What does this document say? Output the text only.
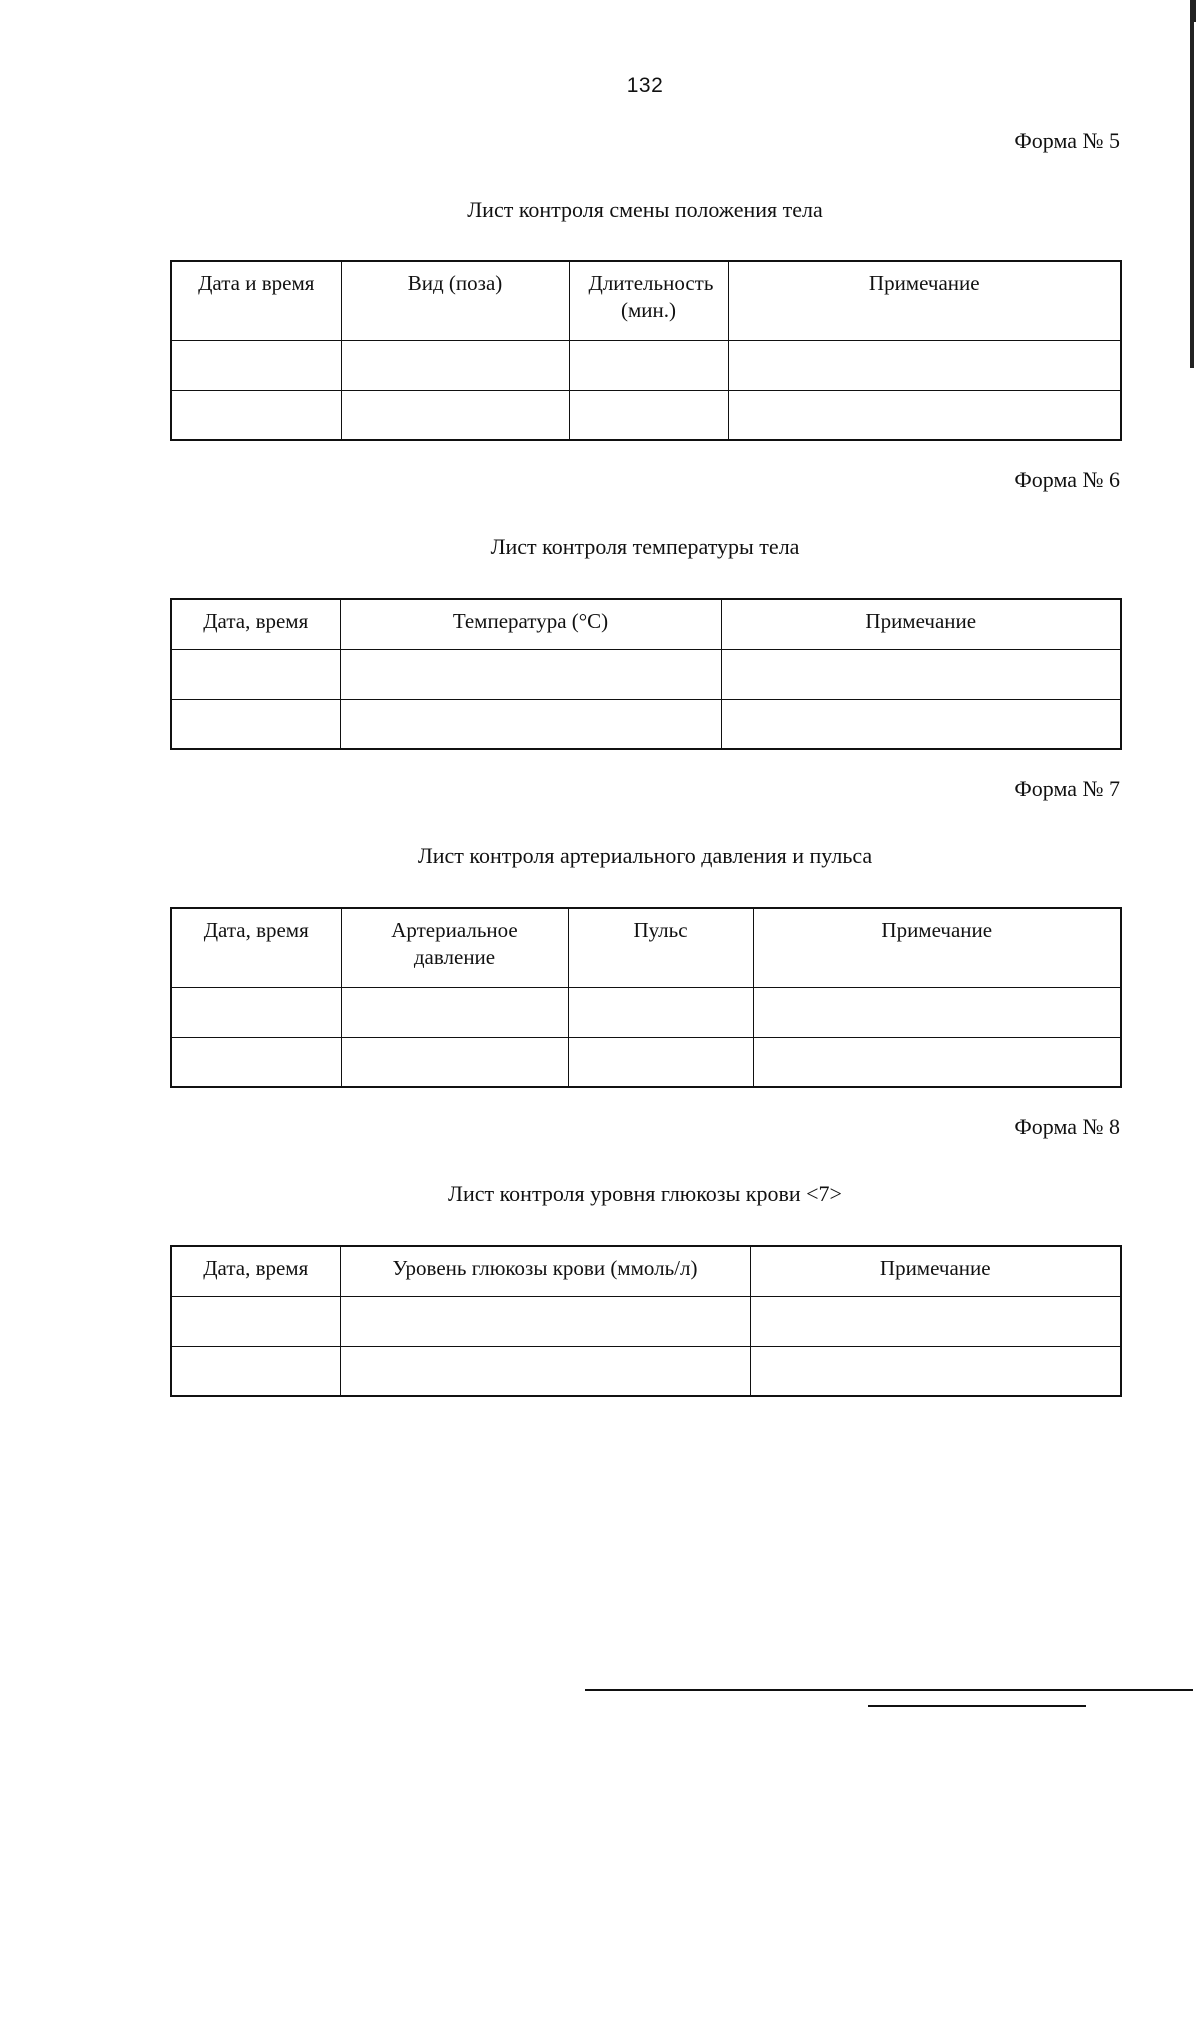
132
Форма № 5
Лист контроля смены положения тела
Дата и время	Вид (поза)	Длительность (мин.)	Примечание

Форма № 6
Лист контроля температуры тела
Дата, время	Температура (°C)	Примечание

Форма № 7
Лист контроля артериального давления и пульса
Дата, время	Артериальное давление	Пульс	Примечание

Форма № 8
Лист контроля уровня глюкозы крови <7>
Дата, время	Уровень глюкозы крови (ммоль/л)	Примечание
